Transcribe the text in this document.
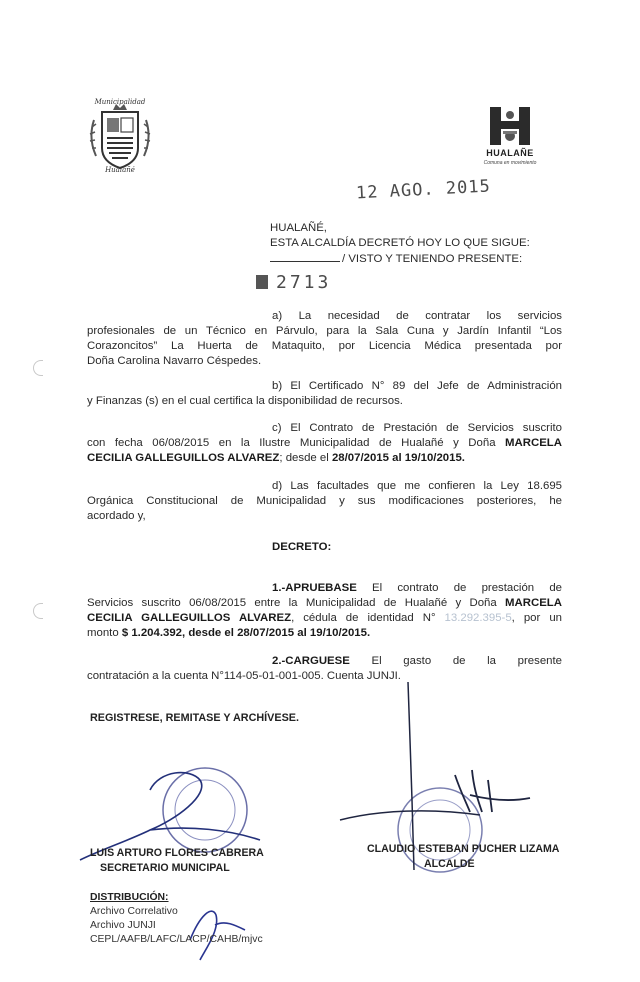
Municipalidad
Hualañé
HUALAÑE
Comuna en movimiento
12 AGO. 2015
HUALAÑÉ,
ESTA ALCALDÍA DECRETÓ HOY LO QUE SIGUE:
/ VISTO Y TENIENDO PRESENTE:
2713
a) La necesidad de contratar los servicios
profesionales de un Técnico en Párvulo, para la Sala Cuna y Jardín Infantil “Los
Corazoncitos” La Huerta de Mataquito, por Licencia Médica presentada por
Doña Carolina Navarro Céspedes.
b) El Certificado N° 89 del Jefe de Administración
y Finanzas (s) en el cual certifica la disponibilidad de recursos.
c) El Contrato de Prestación de Servicios suscrito
con fecha 06/08/2015 en la Ilustre Municipalidad de Hualañé y Doña MARCELA
CECILIA GALLEGUILLOS ALVAREZ; desde el 28/07/2015 al 19/10/2015.
d) Las facultades que me confieren la Ley 18.695
Orgánica Constitucional de Municipalidad y sus modificaciones posteriores, he
acordado y,
DECRETO:
1.-APRUEBASE El contrato de prestación de
Servicios suscrito 06/08/2015 entre la Municipalidad de Hualañé y Doña MARCELA
CECILIA GALLEGUILLOS ALVAREZ, cédula de identidad N° 13.292.395-5, por un
monto $ 1.204.392, desde el 28/07/2015 al 19/10/2015.
2.-CARGUESE El gasto de la presente
contratación a la cuenta N°114-05-01-001-005. Cuenta JUNJI.
REGISTRESE, REMITASE Y ARCHÍVESE.
LUIS ARTURO FLORES CABRERA
SECRETARIO MUNICIPAL
CLAUDIO ESTEBAN PUCHER LIZAMA
ALCALDE
DISTRIBUCIÓN:
Archivo Correlativo
Archivo JUNJI
CEPL/AAFB/LAFC/LACP/CAHB/mjvc
